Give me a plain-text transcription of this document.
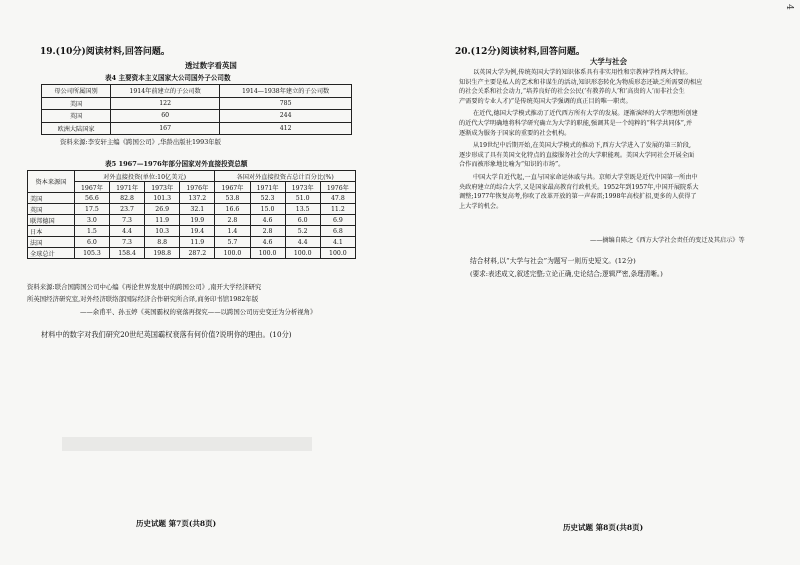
4
19.(10分)阅读材料,回答问题。
透过数字看英国
表4 主要资本主义国家大公司国外子公司数
母公司所属国别	1914年前建立的子公司数	1914—1938年建立的子公司数
美国	122	785
英国	60	244
欧洲大陆国家	167	412
资料来源:李安轩主编《跨国公司》,华龄出版社1993年版
表5 1967—1976年部分国家对外直接投资总额
资本来源国	对外直接投资(单位:10亿美元)				各国对外直接投资占总计百分比(%)			
	1967年	1971年	1973年	1976年	1967年	1971年	1973年	1976年
美国	56.6	82.8	101.3	137.2	53.8	52.3	51.0	47.8
英国	17.5	23.7	26.9	32.1	16.6	15.0	13.5	11.2
联邦德国	3.0	7.3	11.9	19.9	2.8	4.6	6.0	6.9
日本	1.5	4.4	10.3	19.4	1.4	2.8	5.2	6.8
法国	6.0	7.3	8.8	11.9	5.7	4.6	4.4	4.1
全球总计	105.3	158.4	198.8	287.2	100.0	100.0	100.0	100.0
资料来源:联合国跨国公司中心编《再论世界发展中的跨国公司》,南开大学经济研究
所英国经济研究室,对外经济联络部国际经济合作研究所合译,商务印书馆1982年版
——余甫平、孙玉婷《英国霸权的衰落再探究——以跨国公司历史变迁为分析视角》
材料中的数字对我们研究20世纪英国霸权衰落有何价值?说明你的理由。(10分)
历史试题 第7页(共8页)
20.(12分)阅读材料,回答问题。
大学与社会
以英国大学为例,传统英国大学的知识体系具有非实用性和宗教神学性两大特征。
知识生产主要是私人的艺术和非谋生的活动,知识形态转化为物质形态还缺乏所需要的相应
的社会关系和社会动力,“培养良好的社会公民(‘有教养的人’和‘高贵的人’而非社会生
产需要的专业人才)”是传统英国大学强调的真正目的唯一职责。
在近代,德国大学模式推动了近代西方所有大学的发展。逐渐演绎的大学理想所创建
的近代大学明确地将科学研究确立为大学的职能,强调其是一个纯粹的“科学共同体”,并
逐渐成为服务于国家的重要的社会机构。
从19世纪中后期开始,在美国大学模式的推动下,西方大学进入了发展的第三阶段,
逐步形成了具有美国文化特点的直接服务社会的大学职能观。美国大学同社会开展全面
合作而被形象地比喻为“知识的市场”。
中国大学自近代起,一直与国家命运休戚与共。京师大学堂既是近代中国第一所由中
央政府建立的综合大学,又是国家最高教育行政机关。1952年到1957年,中国开展院系大
调整;1977年恢复高考,你吹了改革开放的第一声春雷;1998年高校扩招,更多的人获得了
上大学的机会。
——摘编自陈之《西方大学社会责任的变迁及其启示》等
结合材料,以“大学与社会”为题写一则历史短文。(12分)
(要求:表述成文,叙述完整;立论正确,史论结合;逻辑严密,条理清晰。)
历史试题 第8页(共8页)
